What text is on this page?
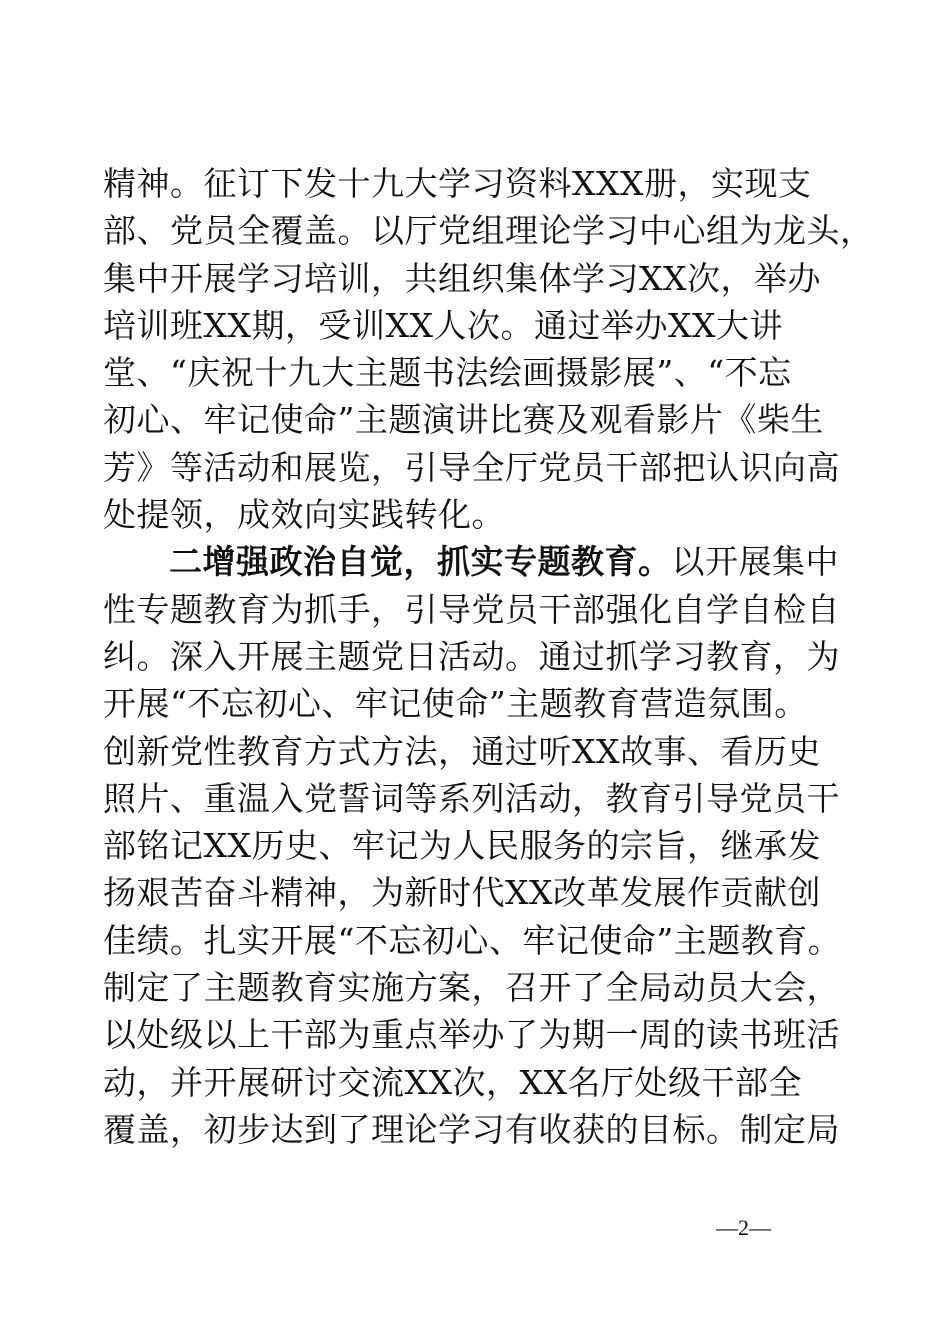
精神。征订下发十九大学习资料XXX册，实现支
部、党员全覆盖。以厅党组理论学习中心组为龙头，
集中开展学习培训，共组织集体学习XX次，举办
培训班XX期，受训XX人次。通过举办XX大讲
堂、“庆祝十九大主题书法绘画摄影展”、“不忘
初心、牢记使命”主题演讲比赛及观看影片《柴生
芳》等活动和展览，引导全厅党员干部把认识向高
处提领，成效向实践转化。
二增强政治自觉，抓实专题教育。以开展集中
性专题教育为抓手，引导党员干部强化自学自检自
纠。深入开展主题党日活动。通过抓学习教育，为
开展“不忘初心、牢记使命”主题教育营造氛围。
创新党性教育方式方法，通过听XX故事、看历史
照片、重温入党誓词等系列活动，教育引导党员干
部铭记XX历史、牢记为人民服务的宗旨，继承发
扬艰苦奋斗精神，为新时代XX改革发展作贡献创
佳绩。扎实开展“不忘初心、牢记使命”主题教育。
制定了主题教育实施方案，召开了全局动员大会，
以处级以上干部为重点举办了为期一周的读书班活
动，并开展研讨交流XX次，XX名厅处级干部全
覆盖，初步达到了理论学习有收获的目标。制定局
—2—
